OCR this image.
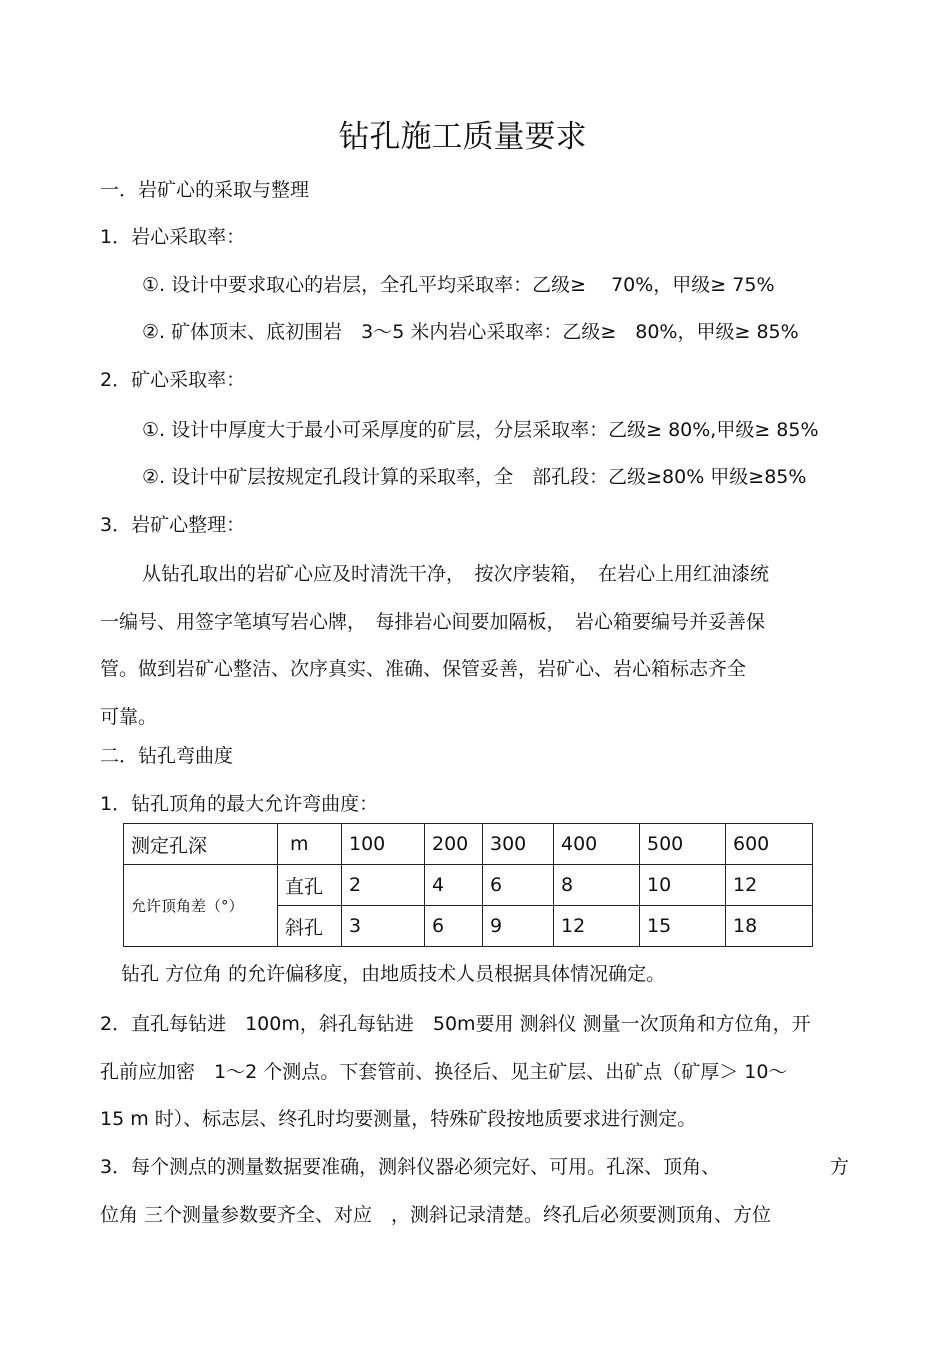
钻孔施工质量要求
一．岩矿心的采取与整理
1．岩心采取率：
①. 设计中要求取心的岩层，全孔平均采取率：乙级≥　 70%，甲级≥ 75%
②. 矿体顶末、底初围岩　3～5 米内岩心采取率：乙级≥　80%，甲级≥ 85%
2．矿心采取率：
①. 设计中厚度大于最小可采厚度的矿层，分层采取率：乙级≥ 80%,甲级≥ 85%
②. 设计中矿层按规定孔段计算的采取率，全　部孔段：乙级≥80% 甲级≥85%
3．岩矿心整理：
从钻孔取出的岩矿心应及时清洗干净，　按次序装箱，　在岩心上用红油漆统
一编号、用签字笔填写岩心牌，　每排岩心间要加隔板，　岩心箱要编号并妥善保
管。做到岩矿心整洁、次序真实、准确、保管妥善，岩矿心、岩心箱标志齐全
可靠。
二．钻孔弯曲度
1．钻孔顶角的最大允许弯曲度：
测定孔深	m	100	200	300	400	500	600
允许顶角差（°）	直孔	2	4	6	8	10	12
	斜孔	3	6	9	12	15	18
钻孔 方位角 的允许偏移度，由地质技术人员根据具体情况确定。
2．直孔每钻进　100m，斜孔每钻进　50m要用 测斜仪 测量一次顶角和方位角，开
孔前应加密　1～2 个测点。下套管前、换径后、见主矿层、出矿点（矿厚＞ 10～
15 m 时）、标志层、终孔时均要测量，特殊矿段按地质要求进行测定。
3．每个测点的测量数据要准确，测斜仪器必须完好、可用。孔深、顶角、	方
位角 三个测量参数要齐全、对应　，测斜记录清楚。终孔后必须要测顶角、方位
